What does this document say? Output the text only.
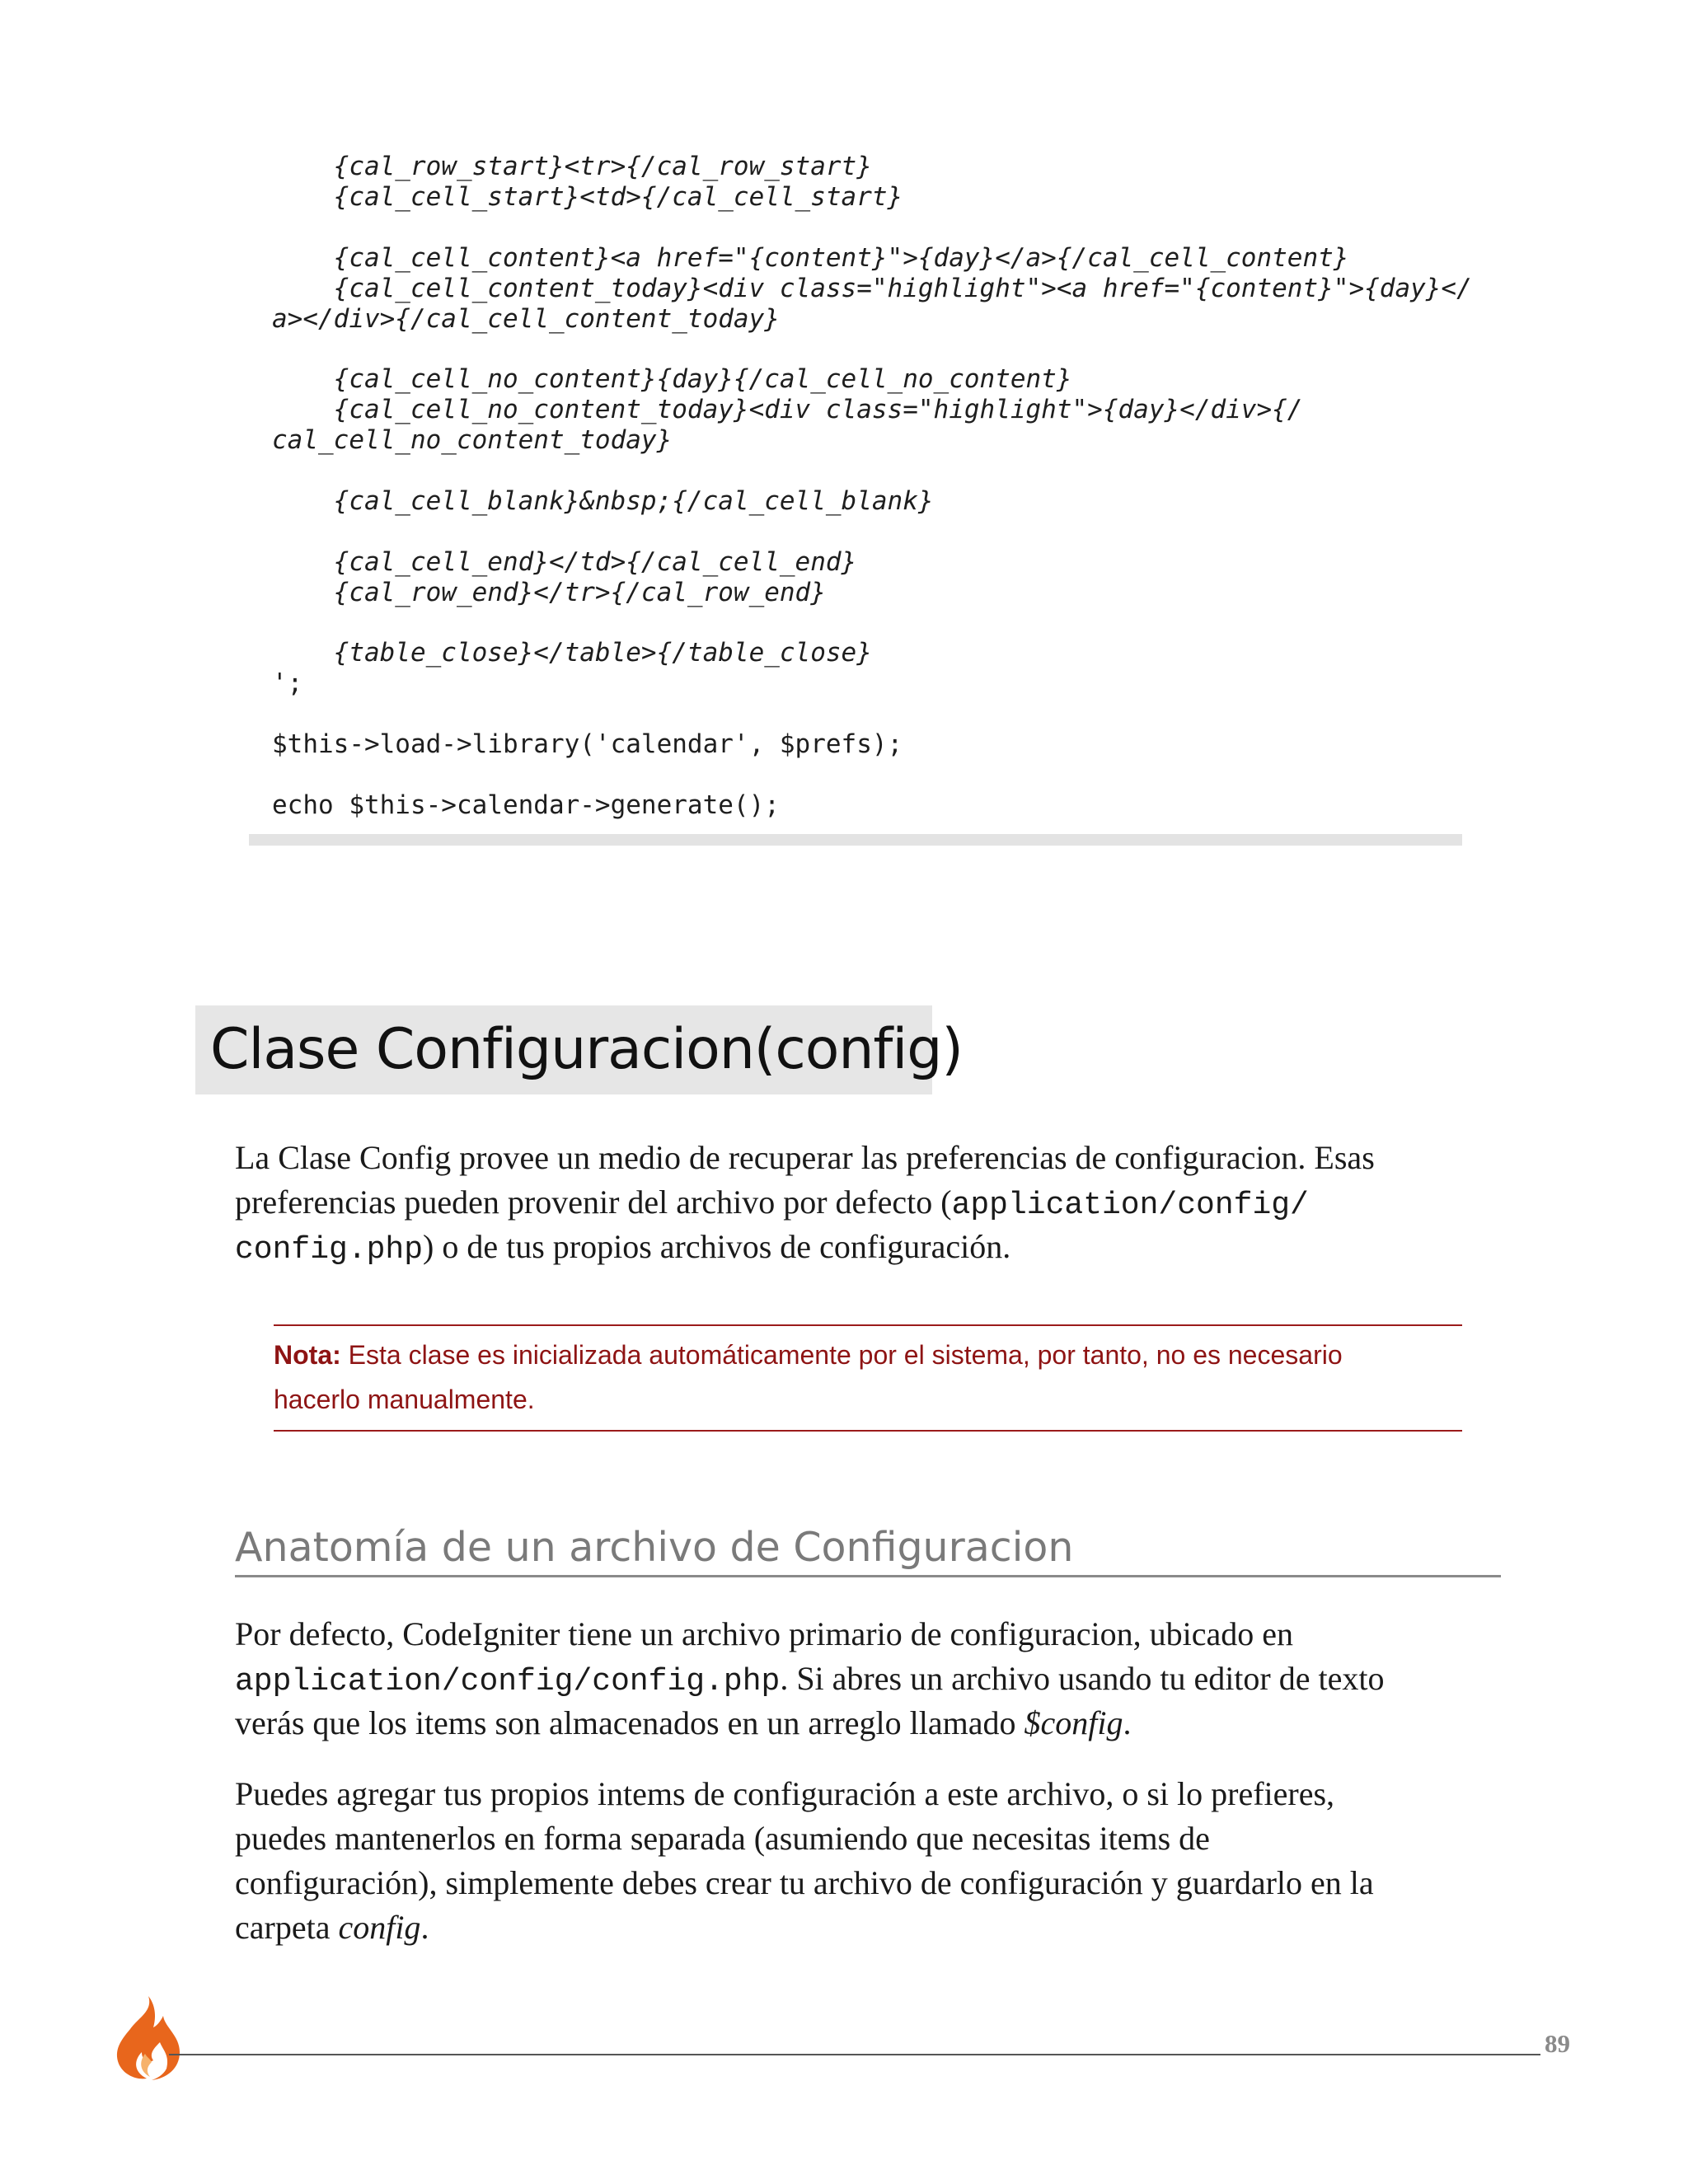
{cal_row_start}<tr>{/cal_row_start}
{cal_cell_start}<td>{/cal_cell_start}
{cal_cell_content}<a href="{content}">{day}</a>{/cal_cell_content}
{cal_cell_content_today}<div class="highlight"><a href="{content}">{day}</
a></div>{/cal_cell_content_today}
{cal_cell_no_content}{day}{/cal_cell_no_content}
{cal_cell_no_content_today}<div class="highlight">{day}</div>{/
cal_cell_no_content_today}
{cal_cell_blank}&nbsp;{/cal_cell_blank}
{cal_cell_end}</td>{/cal_cell_end}
{cal_row_end}</tr>{/cal_row_end}
{table_close}</table>{/table_close}
';
$this->load->library('calendar', $prefs);
echo $this->calendar->generate();
Clase Configuracion(config)
La Clase Config provee un medio de recuperar las preferencias de configuracion. Esas
preferencias pueden provenir del archivo por defecto (application/config/
config.php) o de tus propios archivos de configuración.
Nota: Esta clase es inicializada automáticamente por el sistema, por tanto, no es necesario
hacerlo manualmente.
Anatomía de un archivo de Configuracion
Por defecto, CodeIgniter tiene un archivo primario de configuracion, ubicado en
application/config/config.php. Si abres un archivo usando tu editor de texto
verás que los items son almacenados en un arreglo llamado $config.
Puedes agregar tus propios intems de configuración a este archivo, o si lo prefieres,
puedes mantenerlos en forma separada (asumiendo que necesitas items de
configuración), simplemente debes crear tu archivo de configuración y guardarlo en la
carpeta config.
89
